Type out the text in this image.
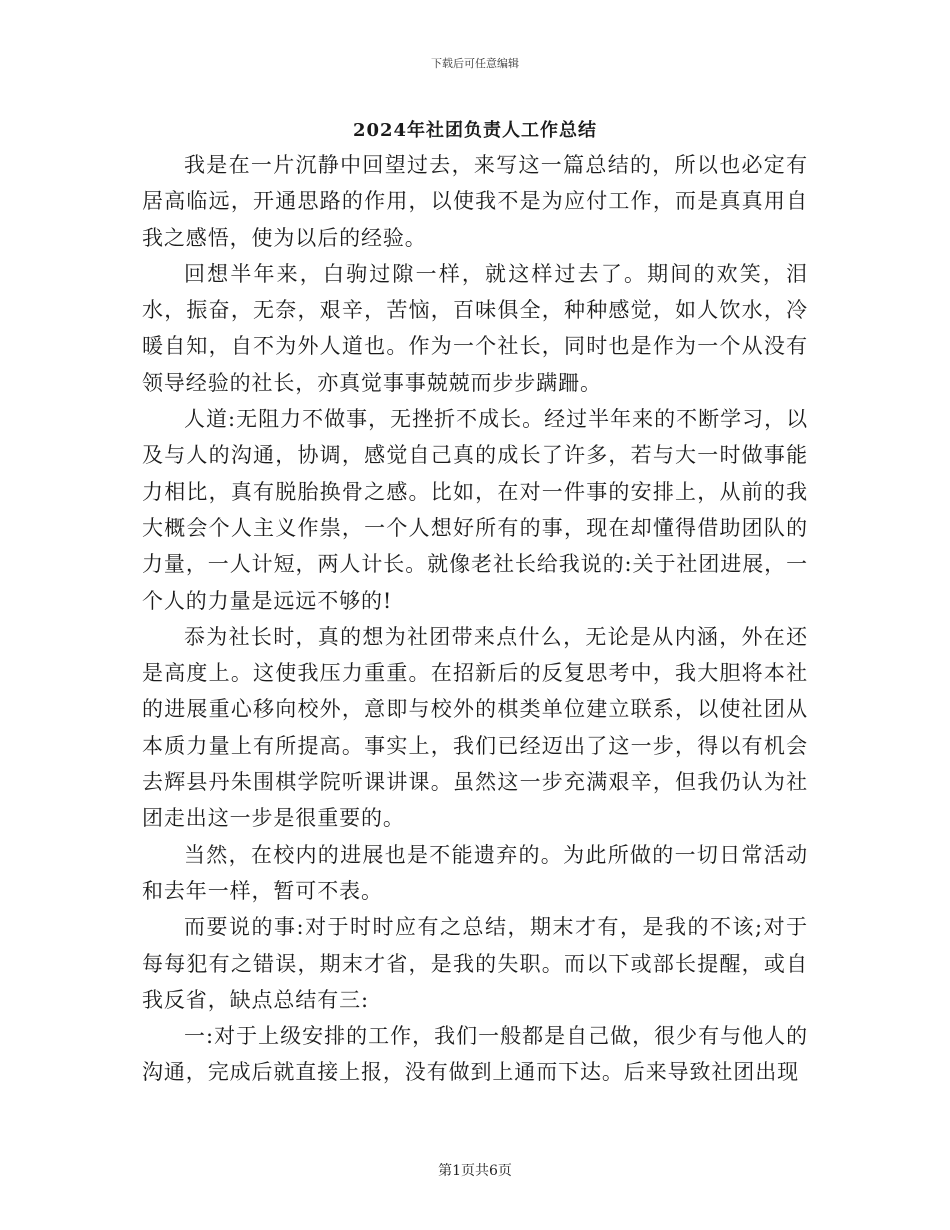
下载后可任意编辑
2024年社团负责人工作总结

我是在一片沉静中回望过去，来写这一篇总结的，所以也必定有居高临远，开通思路的作用，以使我不是为应付工作，而是真真用自我之感悟，使为以后的经验。

回想半年来，白驹过隙一样，就这样过去了。期间的欢笑，泪水，振奋，无奈，艰辛，苦恼，百味俱全，种种感觉，如人饮水，冷暖自知，自不为外人道也。作为一个社长，同时也是作为一个从没有领导经验的社长，亦真觉事事兢兢而步步蹒跚。

人道:无阻力不做事，无挫折不成长。经过半年来的不断学习，以及与人的沟通，协调，感觉自己真的成长了许多，若与大一时做事能力相比，真有脱胎换骨之感。比如，在对一件事的安排上，从前的我大概会个人主义作祟，一个人想好所有的事，现在却懂得借助团队的力量，一人计短，两人计长。就像老社长给我说的:关于社团进展，一个人的力量是远远不够的!

忝为社长时，真的想为社团带来点什么，无论是从内涵，外在还是高度上。这使我压力重重。在招新后的反复思考中，我大胆将本社的进展重心移向校外，意即与校外的棋类单位建立联系，以使社团从本质力量上有所提高。事实上，我们已经迈出了这一步，得以有机会去辉县丹朱围棋学院听课讲课。虽然这一步充满艰辛，但我仍认为社团走出这一步是很重要的。

当然，在校内的进展也是不能遗弃的。为此所做的一切日常活动和去年一样，暂可不表。

而要说的事:对于时时应有之总结，期末才有，是我的不该;对于每每犯有之错误，期末才省，是我的失职。而以下或部长提醒，或自我反省，缺点总结有三:

一:对于上级安排的工作，我们一般都是自己做，很少有与他人的沟通，完成后就直接上报，没有做到上通而下达。后来导致社团出现

第1页共6页
